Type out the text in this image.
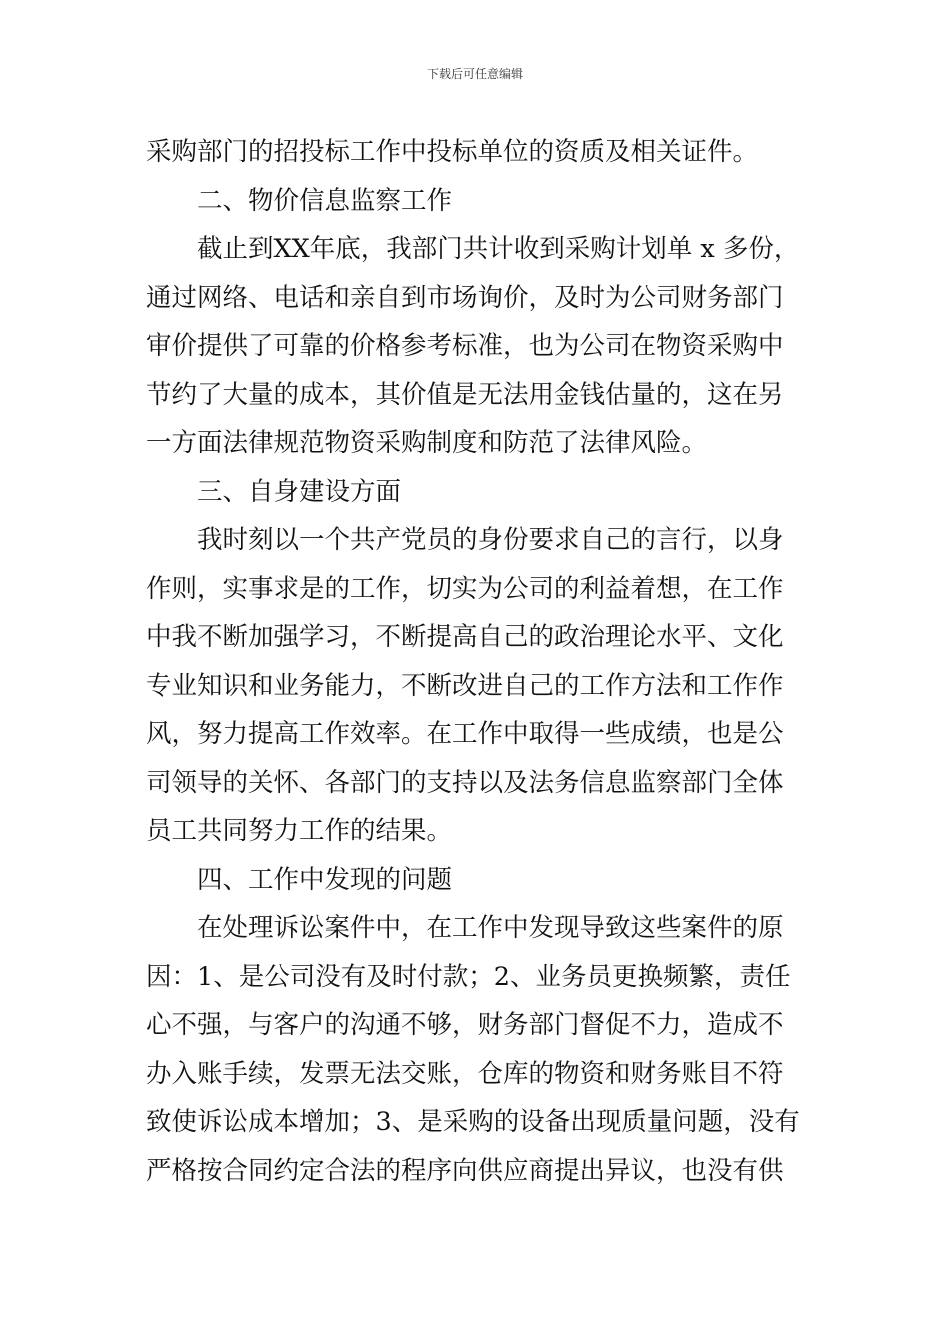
下载后可任意编辑
采购部门的招投标工作中投标单位的资质及相关证件。
二、物价信息监察工作
截止到XX年底，我部门共计收到采购计划单 x 多份，
通过网络、电话和亲自到市场询价，及时为公司财务部门
审价提供了可靠的价格参考标准，也为公司在物资采购中
节约了大量的成本，其价值是无法用金钱估量的，这在另
一方面法律规范物资采购制度和防范了法律风险。
三、自身建设方面
我时刻以一个共产党员的身份要求自己的言行，以身
作则，实事求是的工作，切实为公司的利益着想，在工作
中我不断加强学习，不断提高自己的政治理论水平、文化
专业知识和业务能力，不断改进自己的工作方法和工作作
风，努力提高工作效率。在工作中取得一些成绩，也是公
司领导的关怀、各部门的支持以及法务信息监察部门全体
员工共同努力工作的结果。
四、工作中发现的问题
在处理诉讼案件中，在工作中发现导致这些案件的原
因：1、是公司没有及时付款；2、业务员更换频繁，责任
心不强，与客户的沟通不够，财务部门督促不力，造成不
办入账手续，发票无法交账，仓库的物资和财务账目不符
致使诉讼成本增加；3、是采购的设备出现质量问题，没有
严格按合同约定合法的程序向供应商提出异议，也没有供
